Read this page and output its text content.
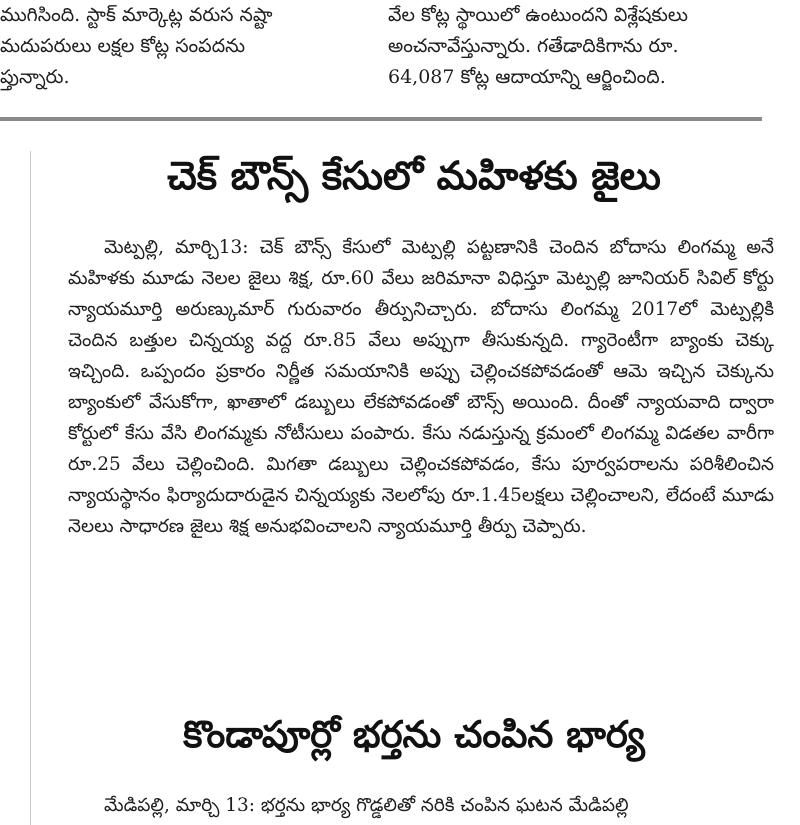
ముగిసింది. స్టాక్ మార్కెట్ల వరుస నష్టా
మదుపరులు లక్షల కోట్ల సంపదను
ప్తున్నారు.
వేల కోట్ల స్థాయిలో ఉంటుందని విశ్లేషకులు
అంచనావేస్తున్నారు. గతేడాదికిగాను రూ.
64,087 కోట్ల ఆదాయాన్ని ఆర్జించింది.
చెక్ బౌన్స్ కేసులో మహిళకు జైలు

మెట్పల్లి, మార్చి13: చెక్ బౌన్స్ కేసులో మెట్పల్లి పట్టణానికి చెందిన బోదాసు లింగమ్మ అనే మహిళకు మూడు నెలల జైలు శిక్ష, రూ.60 వేలు జరిమానా విధిస్తూ మెట్పల్లి జూనియర్ సివిల్ కోర్టు న్యాయమూర్తి అరుణ్కుమార్ గురువారం తీర్పునిచ్చారు. బోదాసు లింగమ్మ 2017లో మెట్పల్లికి చెందిన బత్తుల చిన్నయ్య వద్ద రూ.85 వేలు అప్పుగా తీసుకున్నది. గ్యారెంటీగా బ్యాంకు చెక్కు ఇచ్చింది. ఒప్పందం ప్రకారం నిర్ణీత సమయానికి అప్పు చెల్లించకపోవడంతో ఆమె ఇచ్చిన చెక్కును బ్యాంకులో వేసుకోగా, ఖాతాలో డబ్బులు లేకపోవడంతో బౌన్స్ అయింది. దీంతో న్యాయవాది ద్వారా కోర్టులో కేసు వేసి లింగమ్మకు నోటీసులు పంపారు. కేసు నడుస్తున్న క్రమంలో లింగమ్మ విడతల వారీగా రూ.25 వేలు చెల్లించింది. మిగతా డబ్బులు చెల్లించకపోవడం, కేసు పూర్వపరాలను పరిశీలించిన న్యాయస్థానం ఫిర్యాదుదారుడైన చిన్నయ్యకు నెలలోపు రూ.1.45లక్షలు చెల్లించాలని, లేదంటే మూడు నెలలు సాధారణ జైలు శిక్ష అనుభవించాలని న్యాయమూర్తి తీర్పు చెప్పారు.

కొండాపూర్లో భర్తను చంపిన భార్య

మేడిపల్లి, మార్చి 13: భర్తను భార్య గొడ్డలితో నరికి చంపిన ఘటన మేడిపల్లి
